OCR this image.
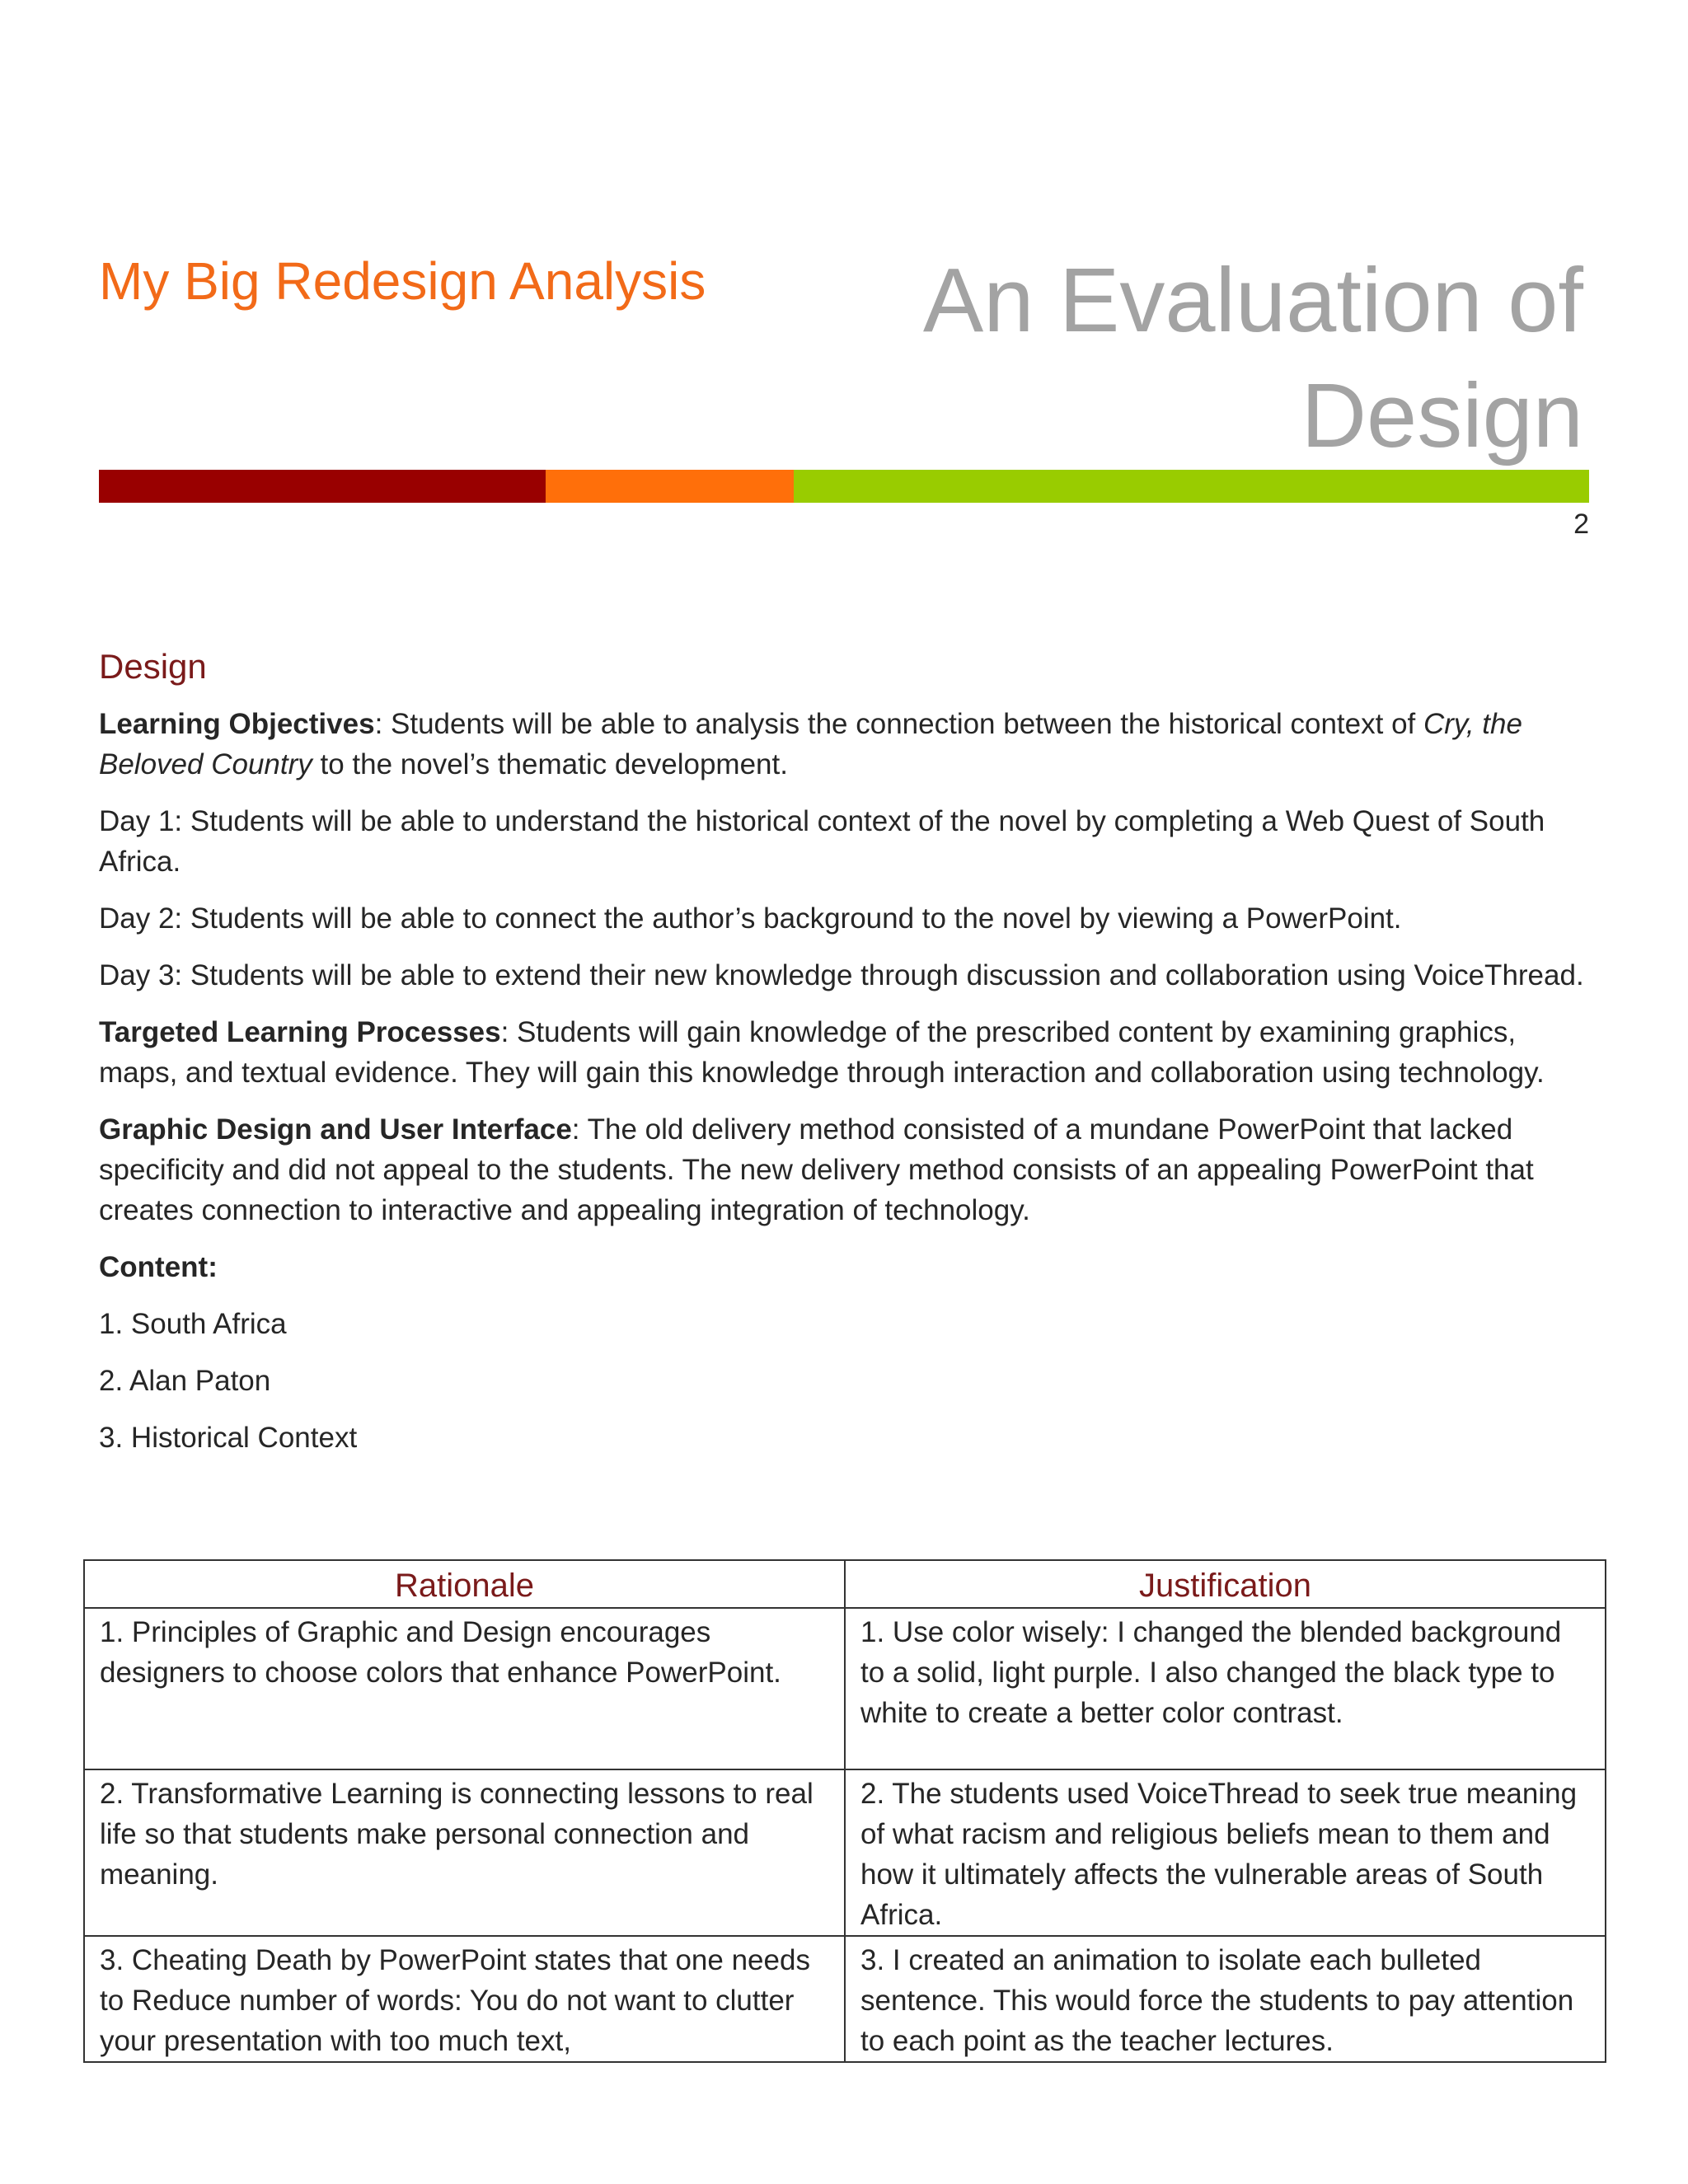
My Big Redesign Analysis	An Evaluation of Design
2
Design

Learning Objectives: Students will be able to analysis the connection between the historical context of Cry, the Beloved Country to the novel’s thematic development.

Day 1: Students will be able to understand the historical context of the novel by completing a Web Quest of South Africa.

Day 2: Students will be able to connect the author’s background to the novel by viewing a PowerPoint.

Day 3: Students will be able to extend their new knowledge through discussion and collaboration using VoiceThread.

Targeted Learning Processes: Students will gain knowledge of the prescribed content by examining graphics, maps, and textual evidence. They will gain this knowledge through interaction and collaboration using technology.

Graphic Design and User Interface: The old delivery method consisted of a mundane PowerPoint that lacked specificity and did not appeal to the students. The new delivery method consists of an appealing PowerPoint that creates connection to interactive and appealing integration of technology.

Content:
1. South Africa
2. Alan Paton
3. Historical Context
Rationale	Justification
1. Principles of Graphic and Design encourages designers to choose colors that enhance PowerPoint.	1. Use color wisely: I changed the blended background to a solid, light purple. I also changed the black type to white to create a better color contrast.
2. Transformative Learning is connecting lessons to real life so that students make personal connection and meaning.	2. The students used VoiceThread to seek true meaning of what racism and religious beliefs mean to them and how it ultimately affects the vulnerable areas of South Africa.
3. Cheating Death by PowerPoint states that one needs to Reduce number of words: You do not want to clutter your presentation with too much text,	3. I created an animation to isolate each bulleted sentence. This would force the students to pay attention to each point as the teacher lectures.
